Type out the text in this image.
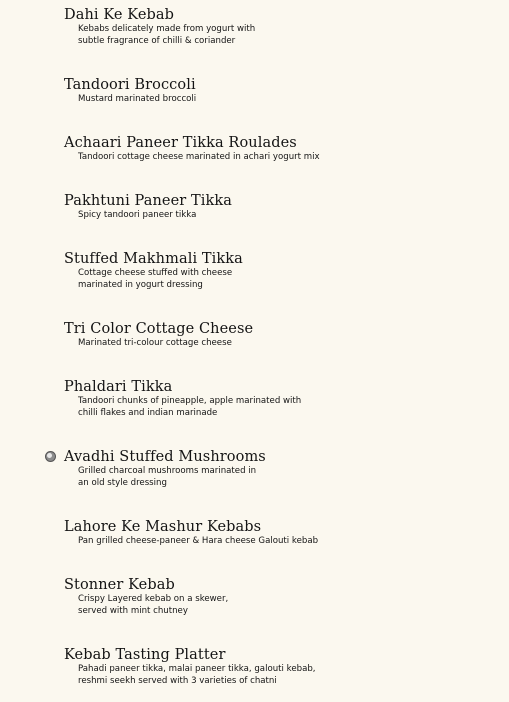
Dahi Ke Kebab
Kebabs delicately made from yogurt with
subtle fragrance of chilli & coriander
Tandoori Broccoli
Mustard marinated broccoli
Achaari Paneer Tikka Roulades
Tandoori cottage cheese marinated in achari yogurt mix
Pakhtuni Paneer Tikka
Spicy tandoori paneer tikka
Stuffed Makhmali Tikka
Cottage cheese stuffed with cheese
marinated in yogurt dressing
Tri Color Cottage Cheese
Marinated tri-colour cottage cheese
Phaldari Tikka
Tandoori chunks of pineapple, apple marinated with
chilli flakes and indian marinade
Avadhi Stuffed Mushrooms
Grilled charcoal mushrooms marinated in
an old style dressing
Lahore Ke Mashur Kebabs
Pan grilled cheese-paneer & Hara cheese Galouti kebab
Stonner Kebab
Crispy Layered kebab on a skewer,
served with mint chutney
Kebab Tasting Platter
Pahadi paneer tikka, malai paneer tikka, galouti kebab,
reshmi seekh served with 3 varieties of chatni
